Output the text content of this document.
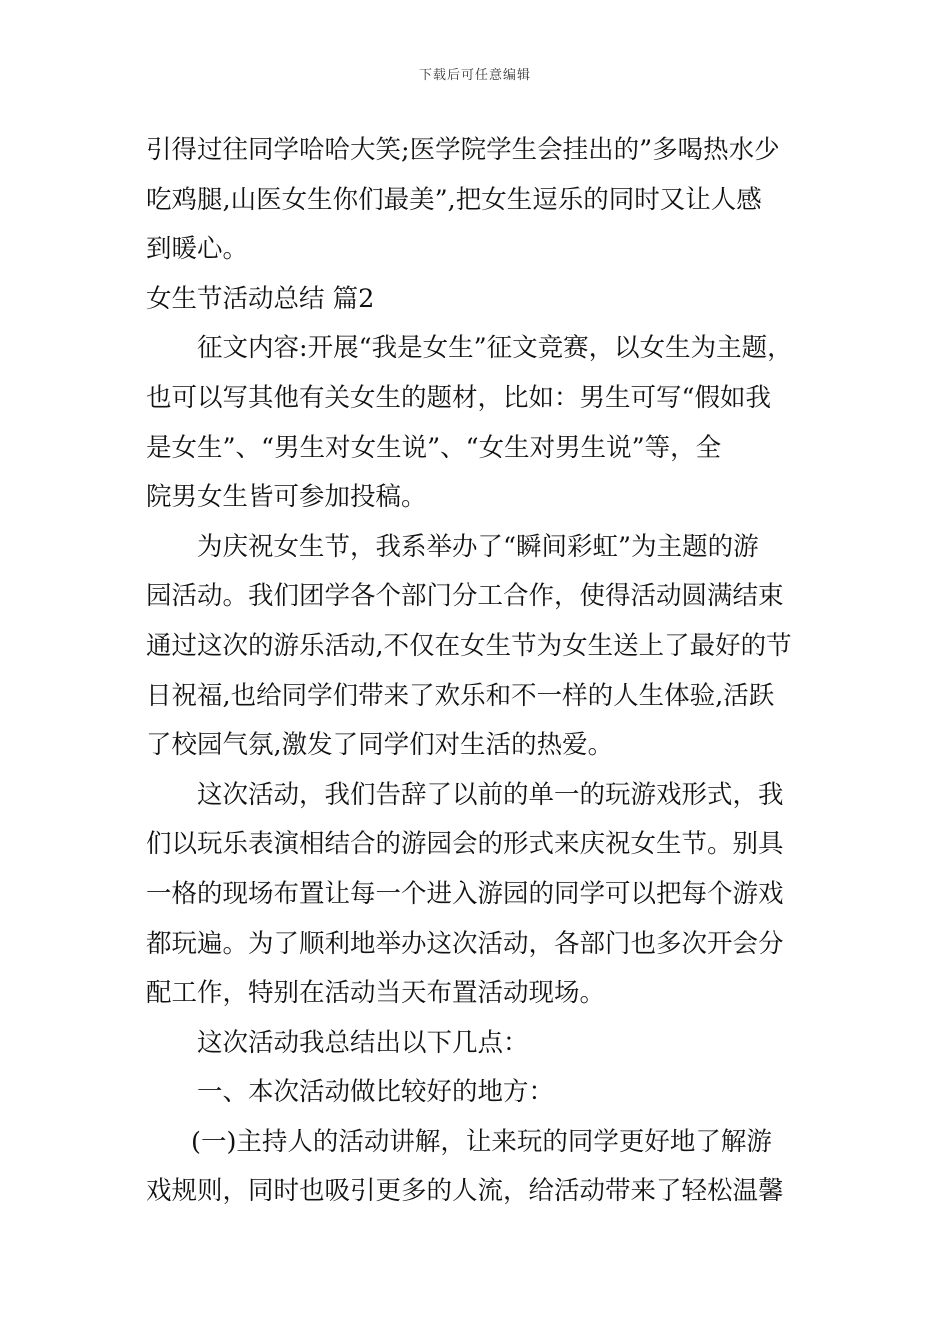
下载后可任意编辑
引得过往同学哈哈大笑;医学院学生会挂出的”多喝热水少
吃鸡腿,山医女生你们最美”,把女生逗乐的同时又让人感
到暖心。
女生节活动总结 篇2
征文内容:开展“我是女生”征文竞赛，以女生为主题，
也可以写其他有关女生的题材，比如：男生可写“假如我
是女生”、“男生对女生说”、“女生对男生说”等，全
院男女生皆可参加投稿。
为庆祝女生节，我系举办了“瞬间彩虹”为主题的游
园活动。我们团学各个部门分工合作，使得活动圆满结束
通过这次的游乐活动,不仅在女生节为女生送上了最好的节
日祝福,也给同学们带来了欢乐和不一样的人生体验,活跃
了校园气氛,激发了同学们对生活的热爱。
这次活动，我们告辞了以前的单一的玩游戏形式，我
们以玩乐表演相结合的游园会的形式来庆祝女生节。别具
一格的现场布置让每一个进入游园的同学可以把每个游戏
都玩遍。为了顺利地举办这次活动，各部门也多次开会分
配工作，特别在活动当天布置活动现场。
这次活动我总结出以下几点：
一、本次活动做比较好的地方：
(一)主持人的活动讲解，让来玩的同学更好地了解游
戏规则，同时也吸引更多的人流，给活动带来了轻松温馨
